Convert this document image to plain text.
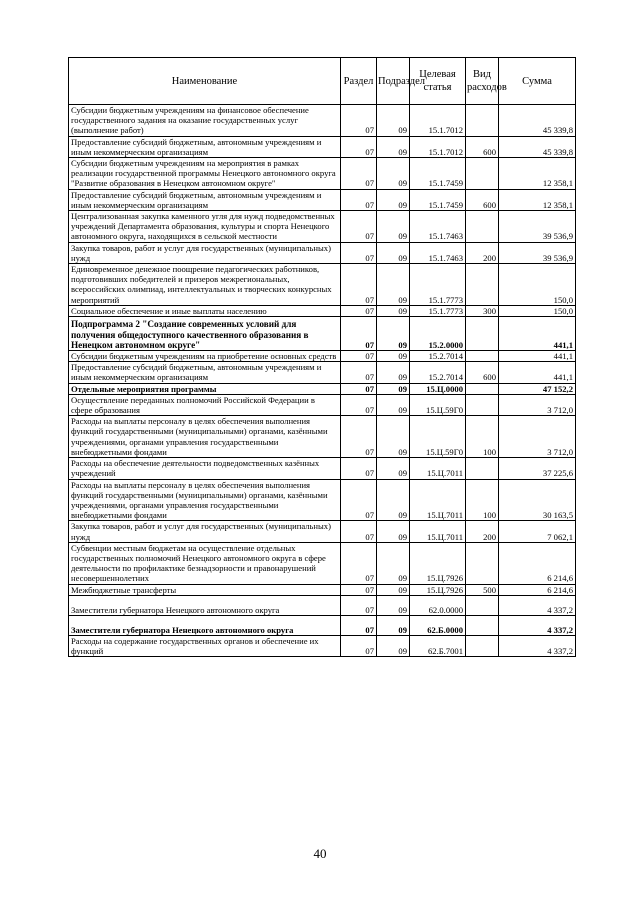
Наименование	Раздел	Подраздел	Целевая статья	Вид расходов	Сумма
Субсидии бюджетным учреждениям на финансовое обеспечение государственного задания на оказание государственных услуг (выполнение работ)	07	09	15.1.7012		45 339,8
Предоставление субсидий бюджетным, автономным учреждениям и иным некоммерческим организациям	07	09	15.1.7012	600	45 339,8
Субсидии бюджетным учреждениям на мероприятия в рамках реализации государственной программы Ненецкого автономного округа "Развитие образования в Ненецком автономном округе"	07	09	15.1.7459		12 358,1
Предоставление субсидий бюджетным, автономным учреждениям и иным некоммерческим организациям	07	09	15.1.7459	600	12 358,1
Централизованная закупка каменного угля для нужд подведомственных учреждений Департамента образования, культуры и спорта Ненецкого автономного округа, находящихся в сельской местности	07	09	15.1.7463		39 536,9
Закупка товаров, работ и услуг для государственных (муниципальных) нужд	07	09	15.1.7463	200	39 536,9
Единовременное денежное поощрение педагогических работников, подготовивших победителей и призеров межрегиональных, всероссийских олимпиад, интеллектуальных и творческих конкурсных мероприятий	07	09	15.1.7773		150,0
Социальное обеспечение и иные выплаты населению	07	09	15.1.7773	300	150,0
Подпрограмма 2 "Создание современных условий для получения общедоступного качественного образования в Ненецком автономном округе"	07	09	15.2.0000		441,1
Субсидии бюджетным учреждениям на приобретение основных средств	07	09	15.2.7014		441,1
Предоставление субсидий бюджетным, автономным учреждениям и иным некоммерческим организациям	07	09	15.2.7014	600	441,1
Отдельные мероприятия программы	07	09	15.Ц.0000		47 152,2
Осуществление переданных полномочий Российской Федерации в сфере образования	07	09	15.Ц.59Г0		3 712,0
Расходы на выплаты персоналу в целях обеспечения выполнения функций государственными (муниципальными) органами, казёнными учреждениями, органами управления государственными внебюджетными фондами	07	09	15.Ц.59Г0	100	3 712,0
Расходы на обеспечение деятельности подведомственных казённых учреждений	07	09	15.Ц.7011		37 225,6
Расходы на выплаты персоналу в целях обеспечения выполнения функций государственными (муниципальными) органами, казёнными учреждениями, органами управления государственными внебюджетными фондами	07	09	15.Ц.7011	100	30 163,5
Закупка товаров, работ и услуг для государственных (муниципальных) нужд	07	09	15.Ц.7011	200	7 062,1
Субвенции местным бюджетам на осуществление отдельных государственных полномочий Ненецкого автономного округа в сфере деятельности по профилактике безнадзорности и правонарушений несовершеннолетних	07	09	15.Ц.7926		6 214,6
Межбюджетные трансферты	07	09	15.Ц.7926	500	6 214,6
Заместители губернатора Ненецкого автономного округа	07	09	62.0.0000		4 337,2
Заместители губернатора Ненецкого автономного округа	07	09	62.Б.0000		4 337,2
Расходы на содержание государственных органов и обеспечение их функций	07	09	62.Б.7001		4 337,2
40
